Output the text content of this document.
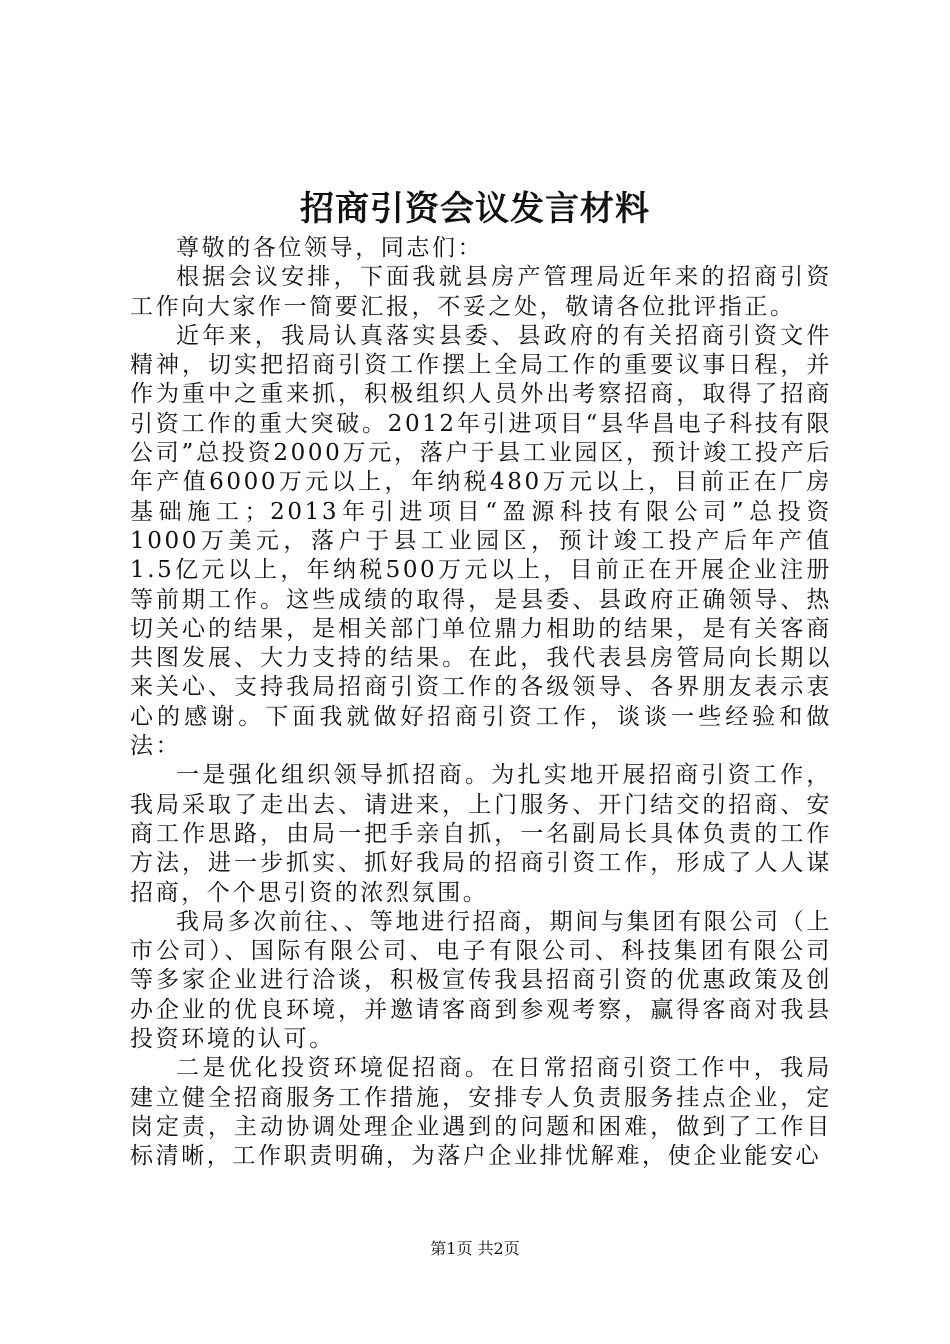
招商引资会议发言材料

尊敬的各位领导，同志们：

根据会议安排，下面我就县房产管理局近年来的招商引资工作向大家作一简要汇报，不妥之处，敬请各位批评指正。

近年来，我局认真落实县委、县政府的有关招商引资文件精神，切实把招商引资工作摆上全局工作的重要议事日程，并作为重中之重来抓，积极组织人员外出考察招商，取得了招商引资工作的重大突破。2012年引进项目“县华昌电子科技有限公司”总投资2000万元，落户于县工业园区，预计竣工投产后年产值6000万元以上，年纳税480万元以上，目前正在厂房基础施工；2013年引进项目“盈源科技有限公司”总投资1000万美元，落户于县工业园区，预计竣工投产后年产值1.5亿元以上，年纳税500万元以上，目前正在开展企业注册等前期工作。这些成绩的取得，是县委、县政府正确领导、热切关心的结果，是相关部门单位鼎力相助的结果，是有关客商共图发展、大力支持的结果。在此，我代表县房管局向长期以来关心、支持我局招商引资工作的各级领导、各界朋友表示衷心的感谢。下面我就做好招商引资工作，谈谈一些经验和做法：

一是强化组织领导抓招商。为扎实地开展招商引资工作，我局采取了走出去、请进来，上门服务、开门结交的招商、安商工作思路，由局一把手亲自抓，一名副局长具体负责的工作方法，进一步抓实、抓好我局的招商引资工作，形成了人人谋招商，个个思引资的浓烈氛围。

我局多次前往、、等地进行招商，期间与集团有限公司（上市公司）、国际有限公司、电子有限公司、科技集团有限公司等多家企业进行洽谈，积极宣传我县招商引资的优惠政策及创办企业的优良环境，并邀请客商到参观考察，赢得客商对我县投资环境的认可。

二是优化投资环境促招商。在日常招商引资工作中，我局建立健全招商服务工作措施，安排专人负责服务挂点企业，定岗定责，主动协调处理企业遇到的问题和困难，做到了工作目标清晰，工作职责明确，为落户企业排忧解难，使企业能安心

第1页 共2页
